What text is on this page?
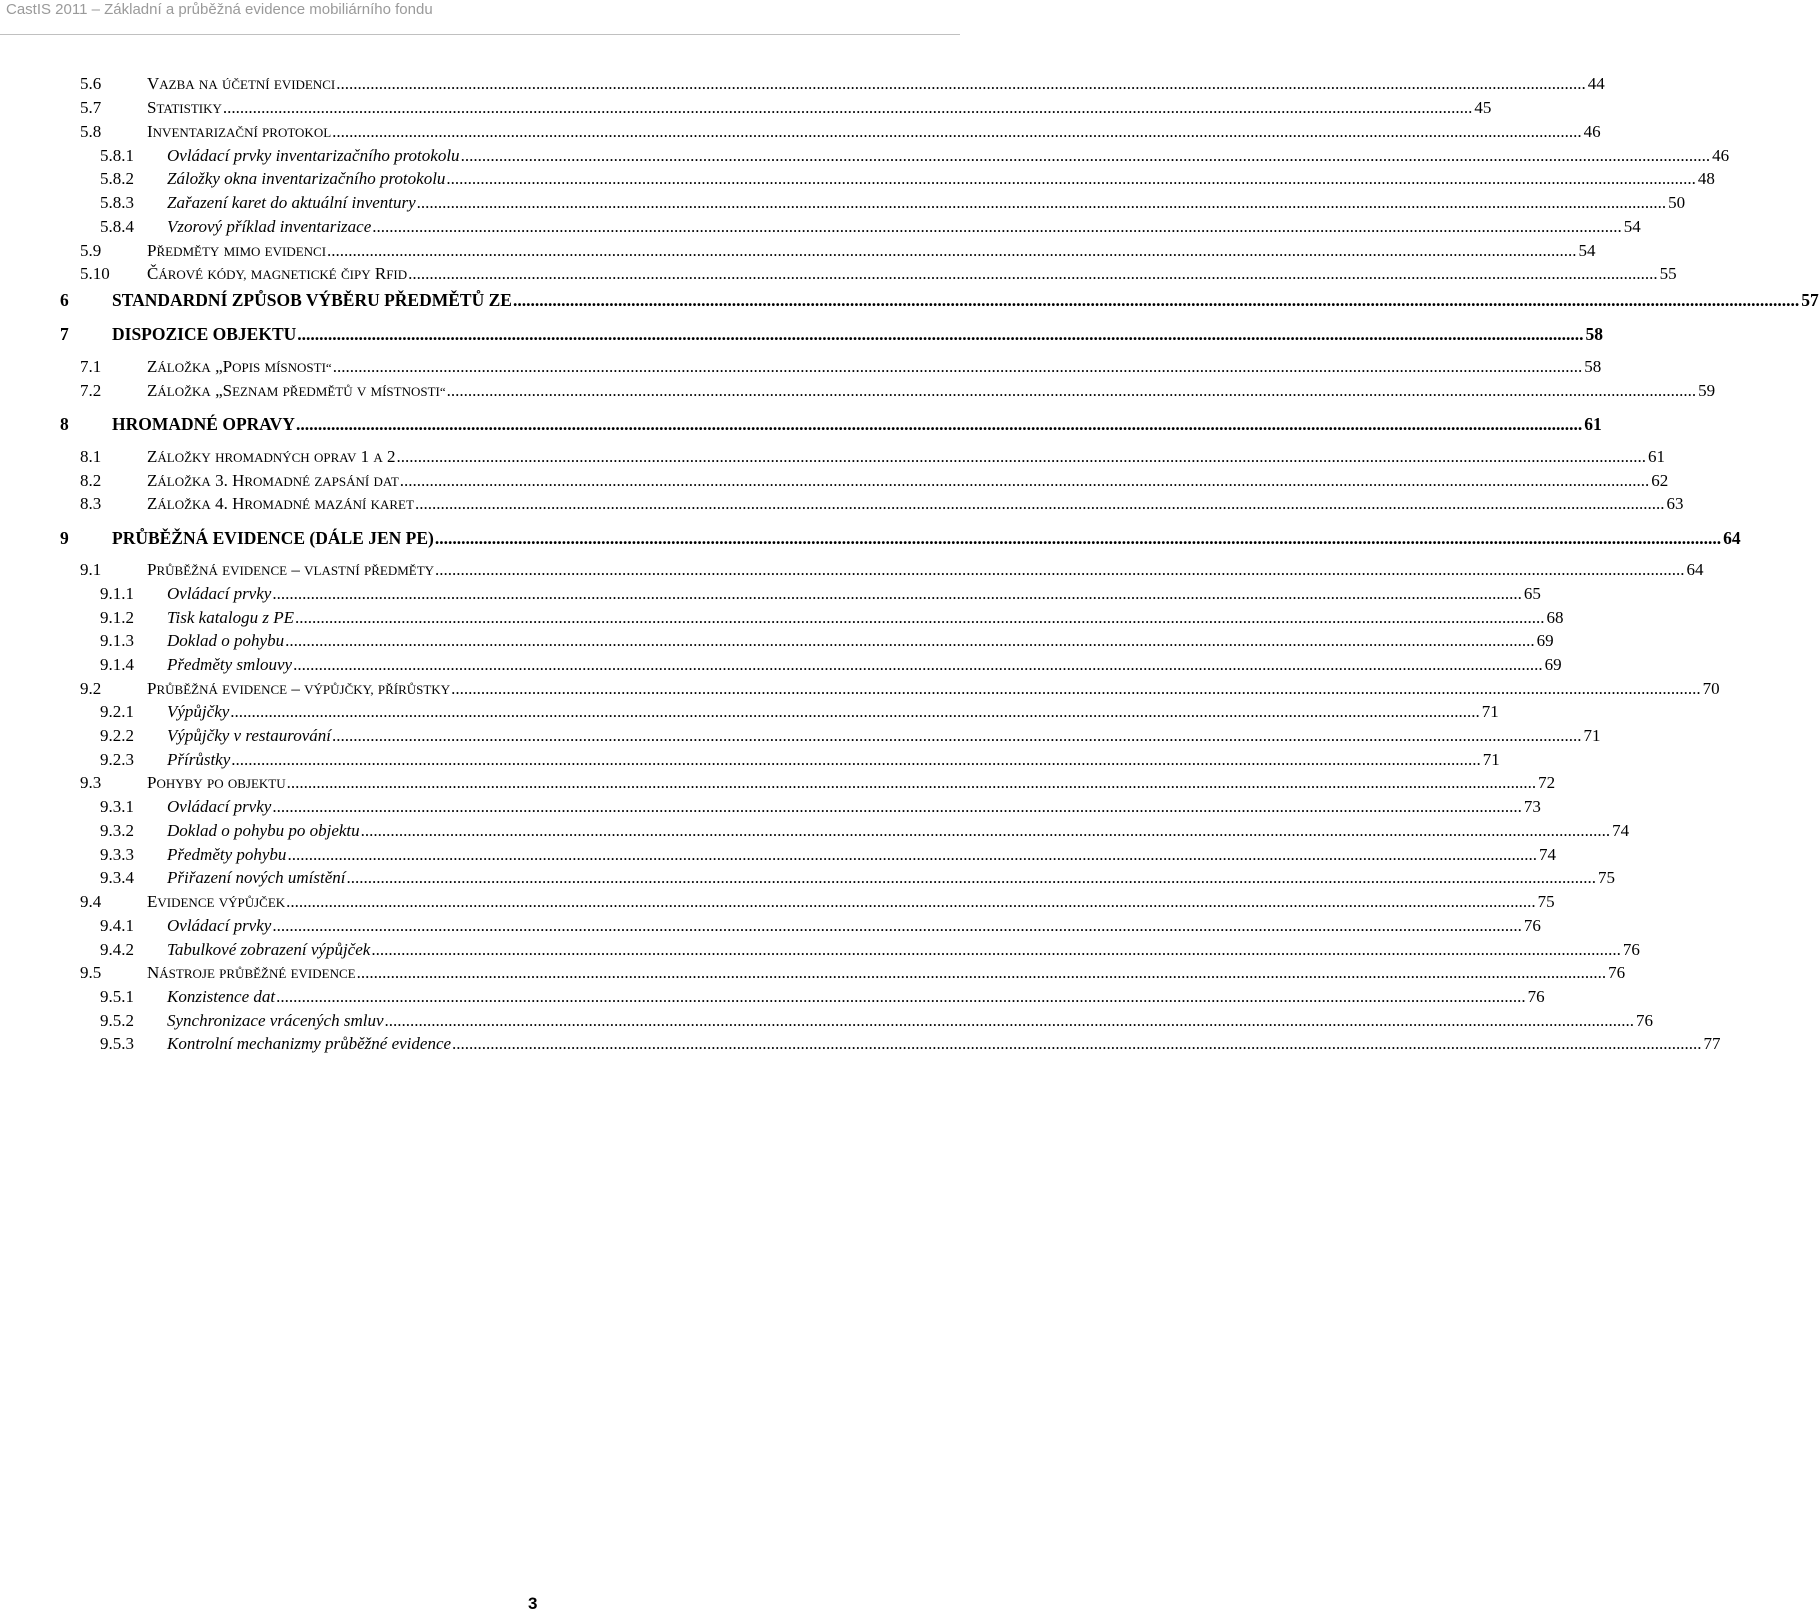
CastIS 2011 – Základní a průběžná evidence mobiliárního fondu
5.6	VAZBA NA ÚČETNÍ EVIDENCI .....	44
5.7	STATISTIKY .....	45
5.8	INVENTARIZAČNÍ PROTOKOL .....	46
5.8.1	Ovládací prvky inventarizačního protokolu .....	46
5.8.2	Záložky okna inventarizačního protokolu .....	48
5.8.3	Zařazení karet do aktuální inventury .....	50
5.8.4	Vzorový příklad inventarizace .....	54
5.9	PŘEDMĚTY MIMO EVIDENCI .....	54
5.10	ČÁROVÉ KÓDY, MAGNETICKÉ ČIPY RFID .....	55
6	STANDARDNÍ ZPŮSOB VÝBĚRU PŘEDMĚTŮ ZE .....	57
7	DISPOZICE OBJEKTU .....	58
7.1	ZÁLOŽKA „POPIS MÍSNOSTI“ .....	58
7.2	ZÁLOŽKA „SEZNAM PŘEDMĚTŮ V MÍSTNOSTI“ .....	59
8	HROMADNÉ OPRAVY .....	61
8.1	ZÁLOŽKY HROMADNÝCH OPRAV 1 A 2 .....	61
8.2	ZÁLOŽKA 3. HROMADNÉ ZAPSÁNÍ DAT .....	62
8.3	ZÁLOŽKA 4. HROMADNÉ MAZÁNÍ KARET .....	63
9	PRŮBĚŽNÁ EVIDENCE (DÁLE JEN PE) .....	64
9.1	PRŮBĚŽNÁ EVIDENCE – VLASTNÍ PŘEDMĚTY .....	64
9.1.1	Ovládací prvky .....	65
9.1.2	Tisk katalogu z PE .....	68
9.1.3	Doklad o pohybu .....	69
9.1.4	Předměty smlouvy .....	69
9.2	PRŮBĚŽNÁ EVIDENCE – VÝPŮJČKY, PŘÍRŮSTKY .....	70
9.2.1	Výpůjčky .....	71
9.2.2	Výpůjčky v restaurování .....	71
9.2.3	Přírůstky .....	71
9.3	POHYBY PO OBJEKTU .....	72
9.3.1	Ovládací prvky .....	73
9.3.2	Doklad o pohybu po objektu .....	74
9.3.3	Předměty pohybu .....	74
9.3.4	Přiřazení nových umístění .....	75
9.4	EVIDENCE VÝPŮJČEK .....	75
9.4.1	Ovládací prvky .....	76
9.4.2	Tabulkové zobrazení výpůjček .....	76
9.5	NÁSTROJE PRŮBĚŽNÉ EVIDENCE .....	76
9.5.1	Konzistence dat .....	76
9.5.2	Synchronizace vrácených smluv .....	76
9.5.3	Kontrolní mechanizmy průběžné evidence .....	77
3
